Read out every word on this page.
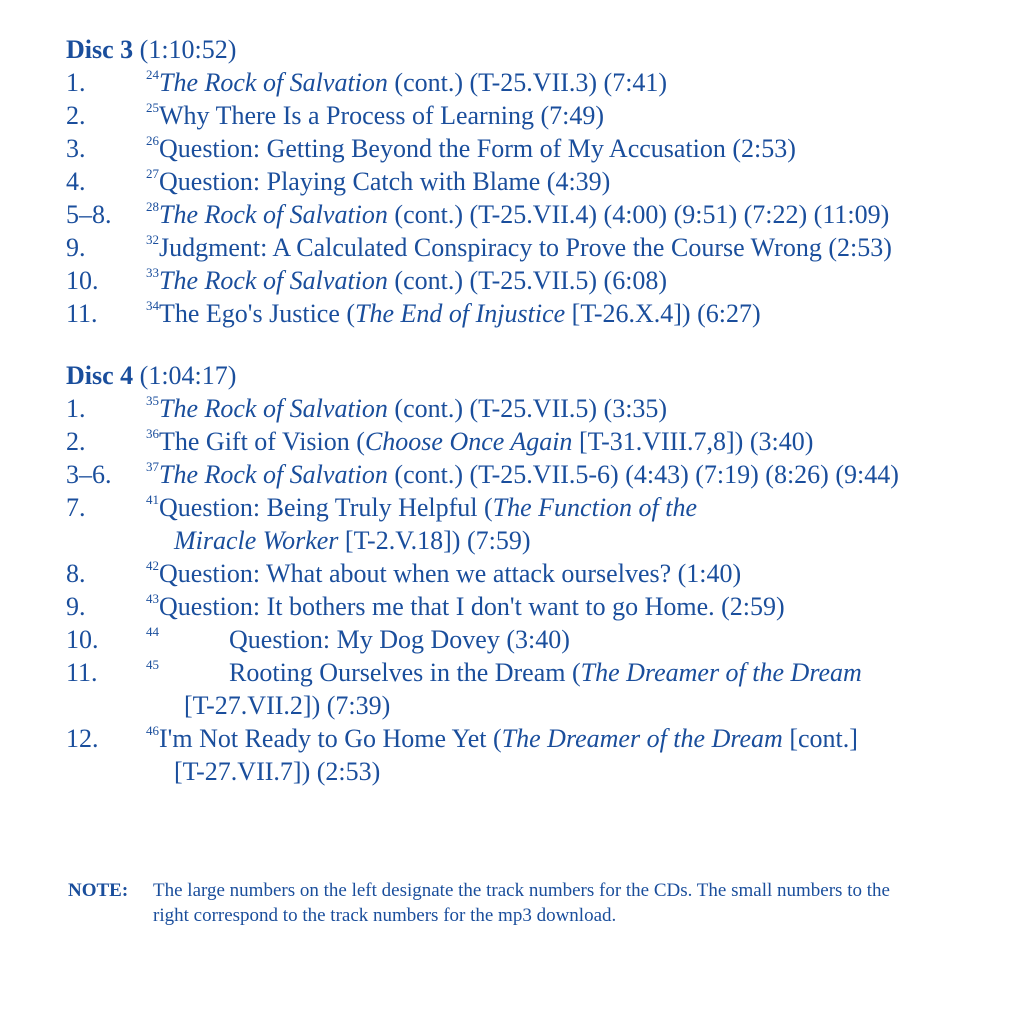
Disc 3 (1:10:52)
1.	$^{24}$The Rock of Salvation (cont.) (T-25.VII.3) (7:41)
2.	$^{25}$Why There Is a Process of Learning (7:49)
3.	$^{26}$Question: Getting Beyond the Form of My Accusation (2:53)
4.	$^{27}$Question: Playing Catch with Blame (4:39)
5–8.	$^{28}$The Rock of Salvation (cont.) (T-25.VII.4) (4:00) (9:51) (7:22) (11:09)
9.	$^{32}$Judgment: A Calculated Conspiracy to Prove the Course Wrong (2:53)
10.	$^{33}$The Rock of Salvation (cont.) (T-25.VII.5) (6:08)
11.	$^{34}$The Ego's Justice (The End of Injustice [T-26.X.4]) (6:27)
Disc 4 (1:04:17)
1.	$^{35}$The Rock of Salvation (cont.) (T-25.VII.5) (3:35)
2.	$^{36}$The Gift of Vision (Choose Once Again [T-31.VIII.7,8]) (3:40)
3–6.	$^{37}$The Rock of Salvation (cont.) (T-25.VII.5-6) (4:43) (7:19) (8:26) (9:44)
7.	$^{41}$Question: Being Truly Helpful (The Function of the
Miracle Worker [T-2.V.18]) (7:59)
8.	$^{42}$Question: What about when we attack ourselves? (1:40)
9.	$^{43}$Question: It bothers me that I don't want to go Home. (2:59)
10.	$^{44}$	Question: My Dog Dovey (3:40)
11.	$^{45}$	Rooting Ourselves in the Dream (The Dreamer of the Dream
[T-27.VII.2]) (7:39)
12.	$^{46}$I'm Not Ready to Go Home Yet (The Dreamer of the Dream [cont.]
[T-27.VII.7]) (2:53)
NOTE: The large numbers on the left designate the track numbers for the CDs. The small numbers to the right correspond to the track numbers for the mp3 download.
